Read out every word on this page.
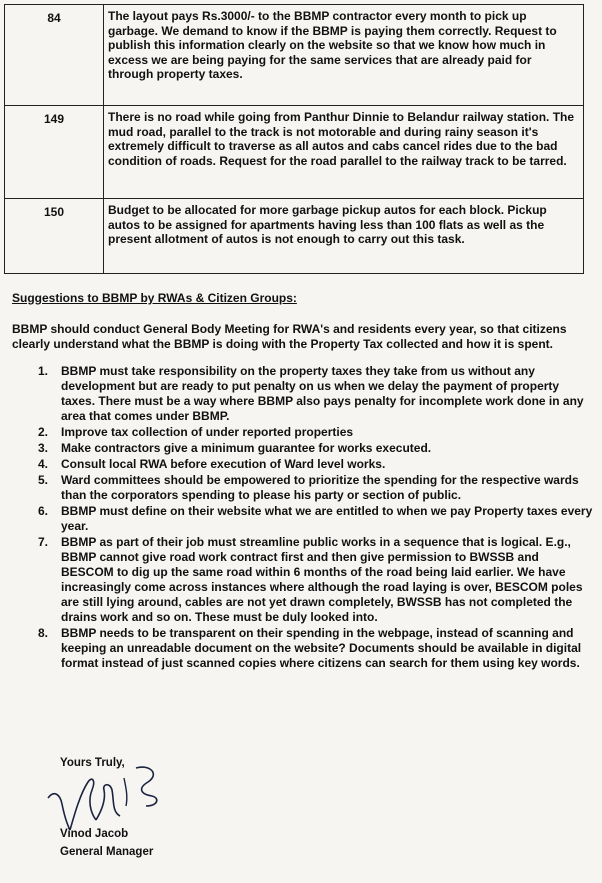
84	The layout pays Rs.3000/- to the BBMP contractor every month to pick up garbage. We demand to know if the BBMP is paying them correctly. Request to publish this information clearly on the website so that we know how much in excess we are being paying for the same services that are already paid for through property taxes.
149	There is no road while going from Panthur Dinnie to Belandur railway station. The mud road, parallel to the track is not motorable and during rainy season it's extremely difficult to traverse as all autos and cabs cancel rides due to the bad condition of roads. Request for the road parallel to the railway track to be tarred.
150	Budget to be allocated for more garbage pickup autos for each block. Pickup autos to be assigned for apartments having less than 100 flats as well as the present allotment of autos is not enough to carry out this task.
Suggestions to BBMP by RWAs & Citizen Groups:
BBMP should conduct General Body Meeting for RWA's and residents every year, so that citizens clearly understand what the BBMP is doing with the Property Tax collected and how it is spent.
1. BBMP must take responsibility on the property taxes they take from us without any development but are ready to put penalty on us when we delay the payment of property taxes. There must be a way where BBMP also pays penalty for incomplete work done in any area that comes under BBMP.
2. Improve tax collection of under reported properties
3. Make contractors give a minimum guarantee for works executed.
4. Consult local RWA before execution of Ward level works.
5. Ward committees should be empowered to prioritize the spending for the respective wards than the corporators spending to please his party or section of public.
6. BBMP must define on their website what we are entitled to when we pay Property taxes every year.
7. BBMP as part of their job must streamline public works in a sequence that is logical. E.g., BBMP cannot give road work contract first and then give permission to BWSSB and BESCOM to dig up the same road within 6 months of the road being laid earlier. We have increasingly come across instances where although the road laying is over, BESCOM poles are still lying around, cables are not yet drawn completely, BWSSB has not completed the drains work and so on. These must be duly looked into.
8. BBMP needs to be transparent on their spending in the webpage, instead of scanning and keeping an unreadable document on the website? Documents should be available in digital format instead of just scanned copies where citizens can search for them using key words.
Yours Truly,
Vinod Jacob
General Manager
